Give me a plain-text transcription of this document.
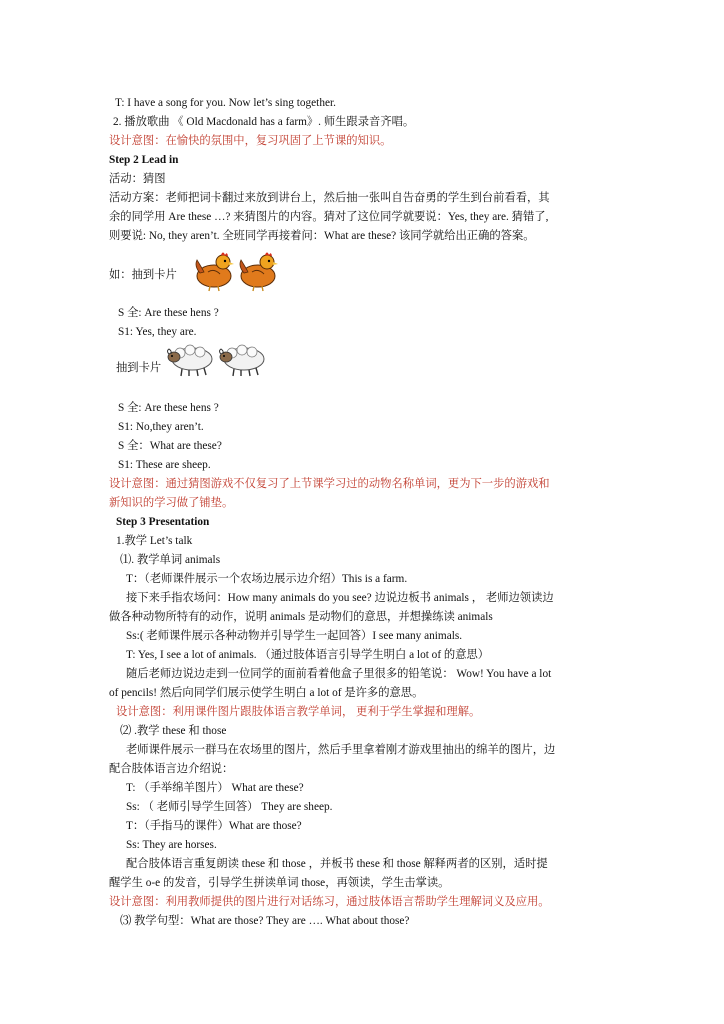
T: I have a song for you. Now let’s sing together.
2. 播放歌曲 《 Old Macdonald has a farm》. 师生跟录音齐唱。
设计意图：在愉快的氛围中，复习巩固了上节课的知识。
Step 2 Lead in
活动：猜图
活动方案：老师把词卡翻过来放到讲台上，然后抽一张叫自告奋勇的学生到台前看看，其
余的同学用 Are these …? 来猜图片的内容。猜对了这位同学就要说：Yes, they are. 猜错了,
则要说: No, they aren’t. 全班同学再接着问：What are these? 该同学就给出正确的答案。
如：抽到卡片
S 全: Are these hens ?
S1: Yes, they are.
抽到卡片
S 全: Are these hens ?
S1: No,they aren’t.
S 全：What are these?
S1: These are sheep.
设计意图：通过猜图游戏不仅复习了上节课学习过的动物名称单词，更为下一步的游戏和
新知识的学习做了铺垫。
Step 3 Presentation
1.教学 Let’s talk
⑴. 教学单词 animals
T：（老师课件展示一个农场边展示边介绍）This is a farm.
接下来手指农场问：How many animals do you see? 边说边板书 animals ， 老师边领读边
做各种动物所特有的动作，说明 animals 是动物们的意思，并想操练读 animals
Ss:( 老师课件展示各种动物并引导学生一起回答）I see many animals.
T: Yes, I see a lot of animals. （通过肢体语言引导学生明白 a lot of 的意思）
随后老师边说边走到一位同学的面前看着他盒子里很多的铅笔说： Wow! You have a lot
of pencils! 然后向同学们展示使学生明白 a lot of 是许多的意思。
设计意图：利用课件图片跟肢体语言教学单词， 更利于学生掌握和理解。
⑵ .教学 these 和 those
老师课件展示一群马在农场里的图片，然后手里拿着刚才游戏里抽出的绵羊的图片，边
配合肢体语言边介绍说：
T: （手举绵羊图片） What are these?
Ss: （ 老师引导学生回答） They are sheep.
T：（手指马的课件）What are those?
Ss: They are horses.
配合肢体语言重复朗读 these 和 those ，并板书 these 和 those 解释两者的区别，适时提
醒学生 o-e 的发音，引导学生拼读单词 those，再领读，学生击掌读。
设计意图：利用教师提供的图片进行对话练习，通过肢体语言帮助学生理解词义及应用。
⑶ 教学句型：What are those? They are …. What about those?
